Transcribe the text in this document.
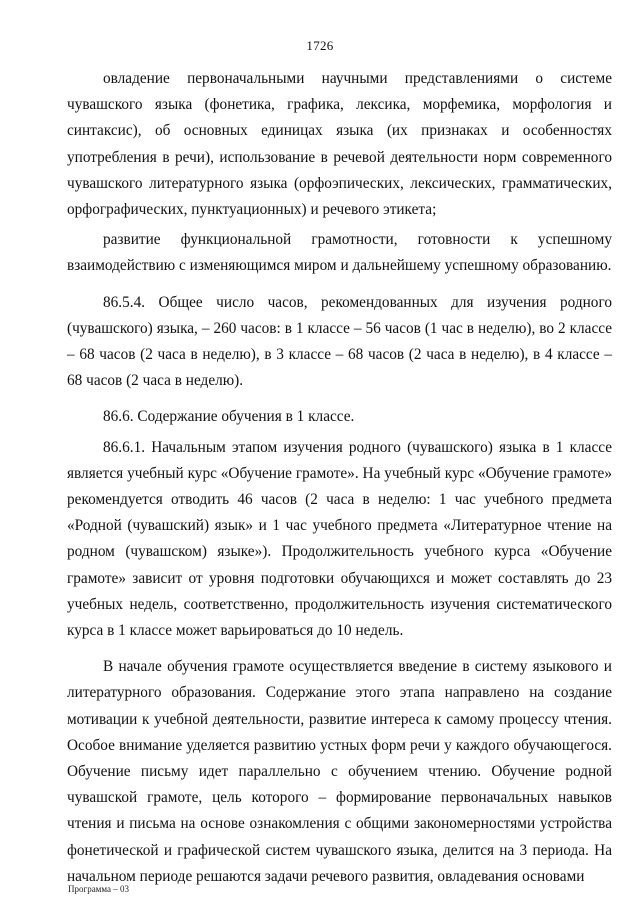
1726

овладение первоначальными научными представлениями о системе чувашского языка (фонетика, графика, лексика, морфемика, морфология и синтаксис), об основных единицах языка (их признаках и особенностях употребления в речи), использование в речевой деятельности норм современного чувашского литературного языка (орфоэпических, лексических, грамматических, орфографических, пунктуационных) и речевого этикета;

развитие функциональной грамотности, готовности к успешному взаимодействию с изменяющимся миром и дальнейшему успешному образованию.

86.5.4. Общее число часов, рекомендованных для изучения родного (чувашского) языка, – 260 часов: в 1 классе – 56 часов (1 час в неделю), во 2 классе – 68 часов (2 часа в неделю), в 3 классе – 68 часов (2 часа в неделю), в 4 классе – 68 часов (2 часа в неделю).

86.6. Содержание обучения в 1 классе.

86.6.1. Начальным этапом изучения родного (чувашского) языка в 1 классе является учебный курс «Обучение грамоте». На учебный курс «Обучение грамоте» рекомендуется отводить 46 часов (2 часа в неделю: 1 час учебного предмета «Родной (чувашский) язык» и 1 час учебного предмета «Литературное чтение на родном (чувашском) языке»). Продолжительность учебного курса «Обучение грамоте» зависит от уровня подготовки обучающихся и может составлять до 23 учебных недель, соответственно, продолжительность изучения систематического курса в 1 классе может варьироваться до 10 недель.

В начале обучения грамоте осуществляется введение в систему языкового и литературного образования. Содержание этого этапа направлено на создание мотивации к учебной деятельности, развитие интереса к самому процессу чтения. Особое внимание уделяется развитию устных форм речи у каждого обучающегося. Обучение письму идет параллельно с обучением чтению. Обучение родной чувашской грамоте, цель которого – формирование первоначальных навыков чтения и письма на основе ознакомления с общими закономерностями устройства фонетической и графической систем чувашского языка, делится на 3 периода. На начальном периоде решаются задачи речевого развития, овладевания основами

Программа – 03
